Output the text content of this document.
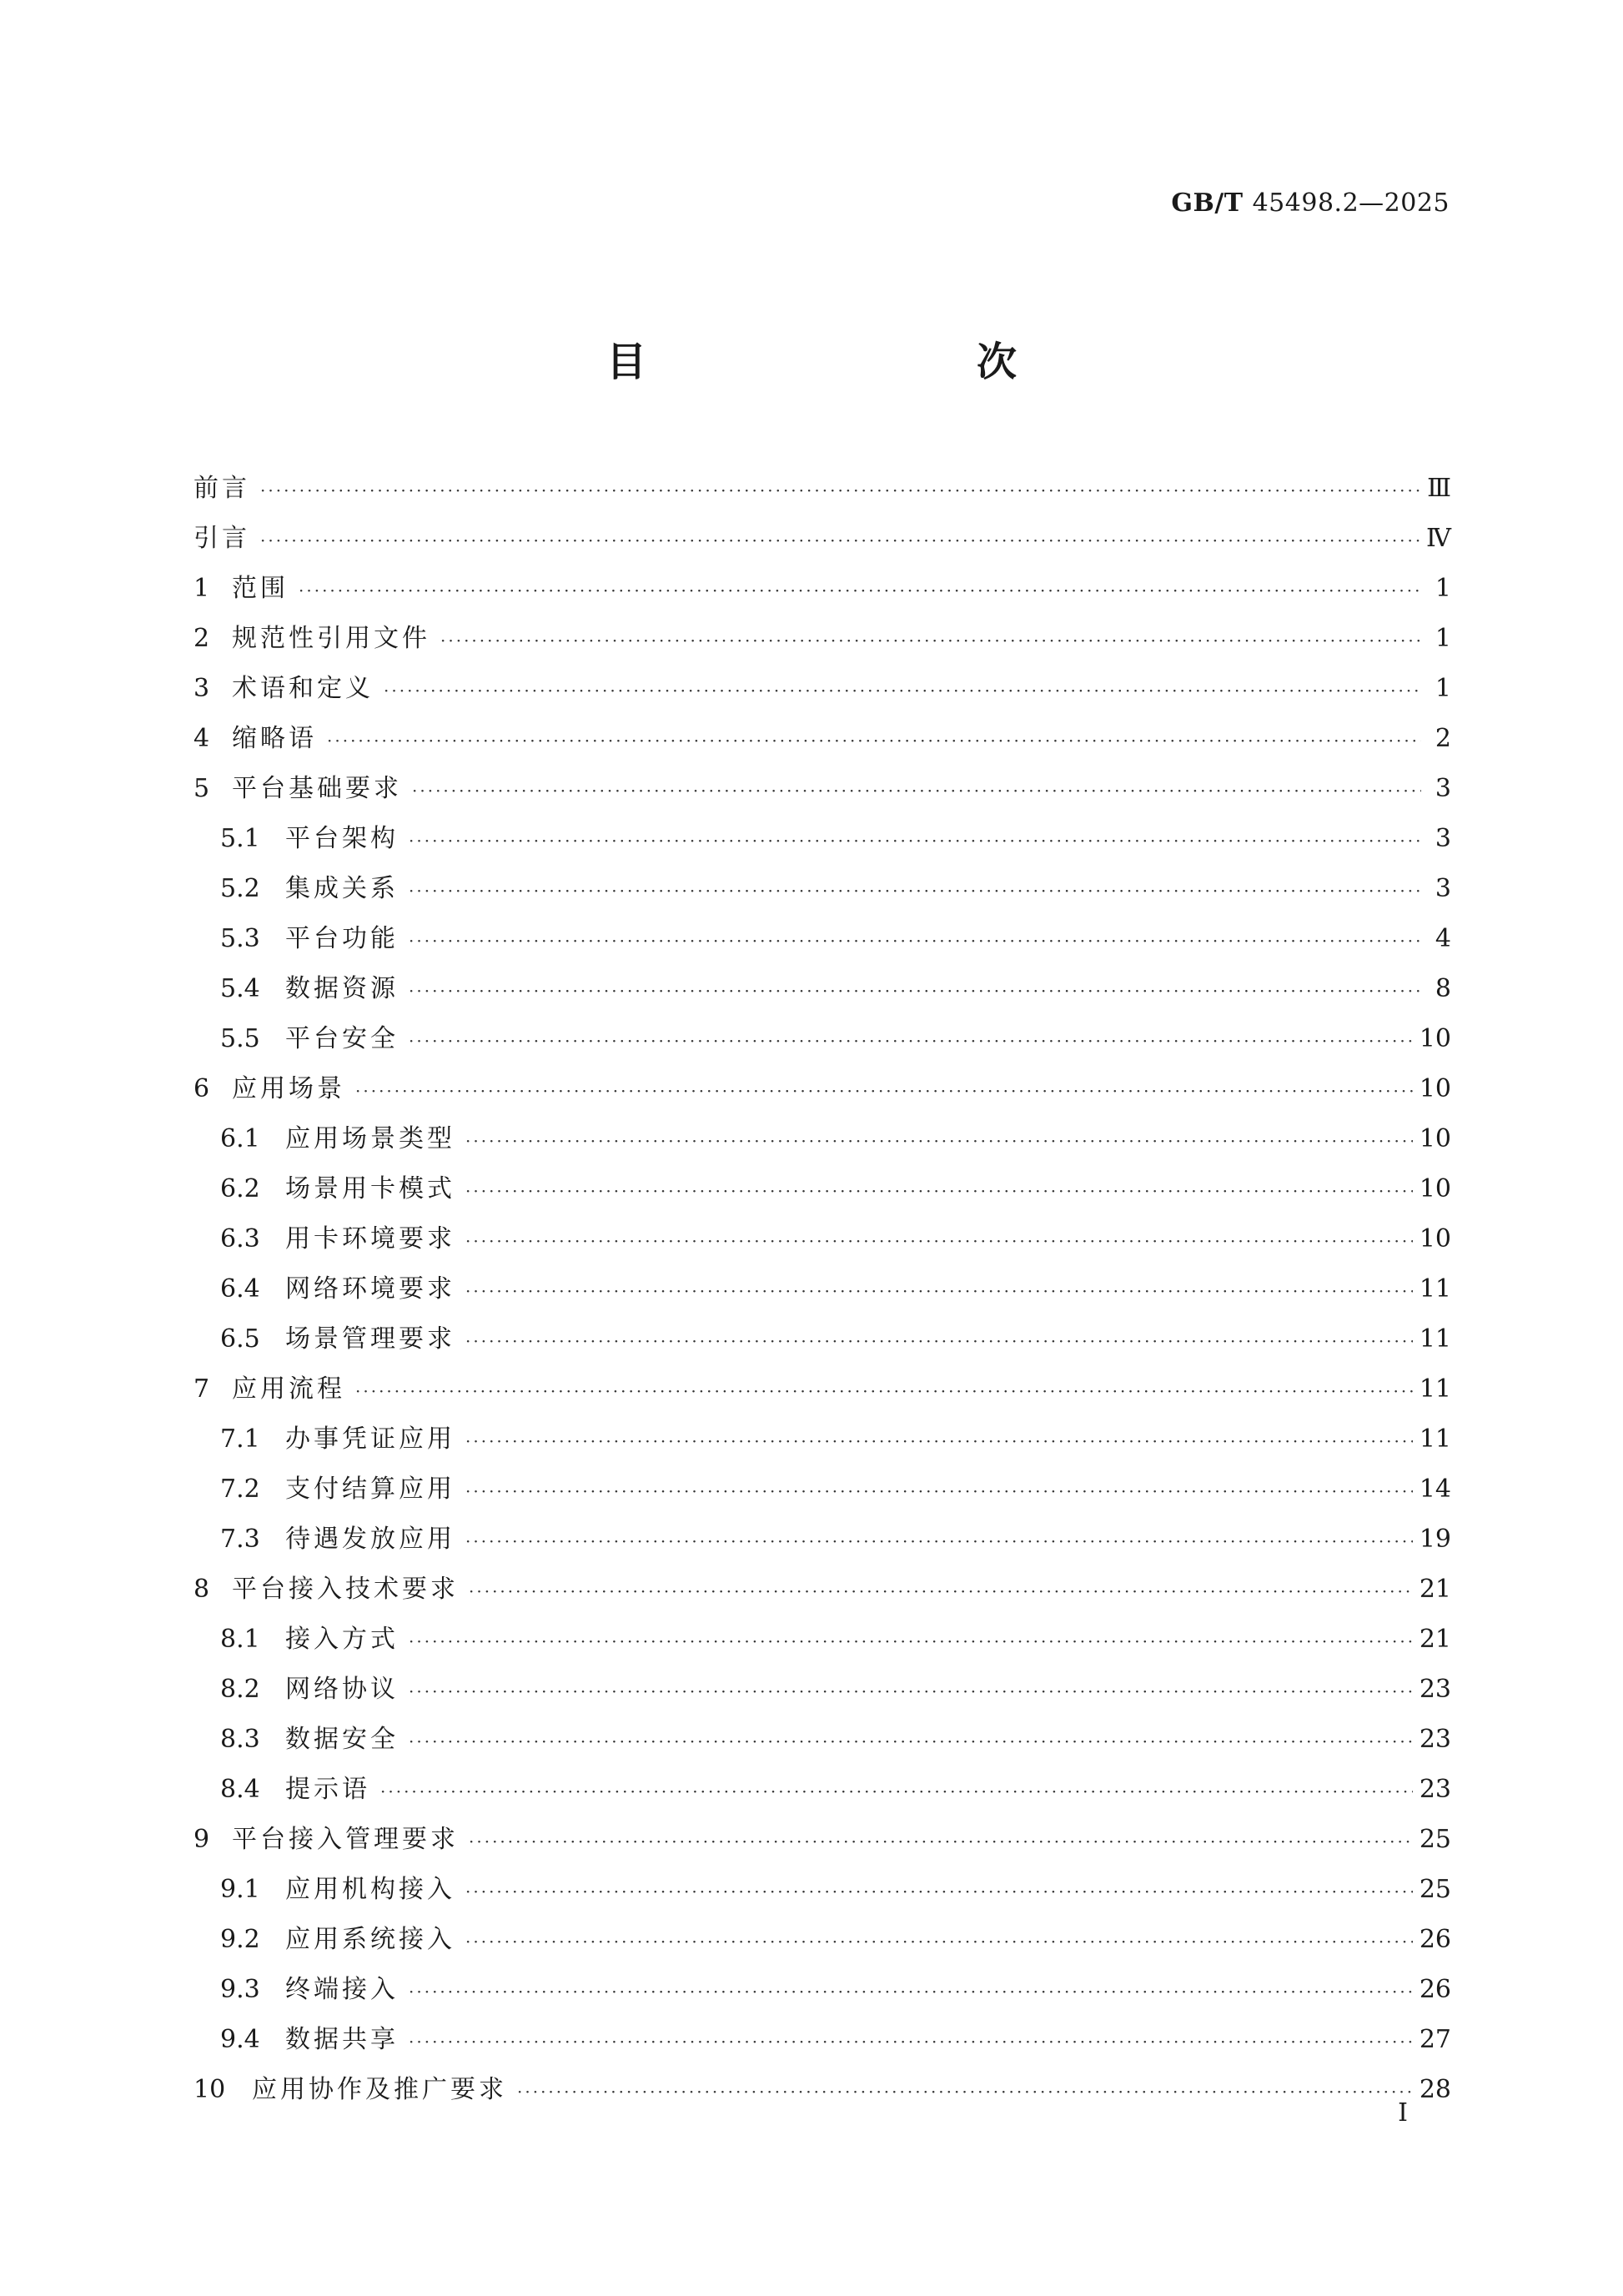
GB/T 45498.2—2025
目　　次
前言 ·····	Ⅲ
引言 ·····	Ⅳ
1 范围 ·····	1
2 规范性引用文件 ·····	1
3 术语和定义 ·····	1
4 缩略语 ·····	2
5 平台基础要求 ·····	3
5.1	平台架构 ·····	3
5.2	集成关系 ·····	3
5.3	平台功能 ·····	4
5.4	数据资源 ·····	8
5.5	平台安全 ·····	10
6 应用场景 ·····	10
6.1	应用场景类型 ·····	10
6.2	场景用卡模式 ·····	10
6.3	用卡环境要求 ·····	10
6.4	网络环境要求 ·····	11
6.5	场景管理要求 ·····	11
7 应用流程 ·····	11
7.1	办事凭证应用 ·····	11
7.2	支付结算应用 ·····	14
7.3	待遇发放应用 ·····	19
8 平台接入技术要求 ·····	21
8.1	接入方式 ·····	21
8.2	网络协议 ·····	23
8.3	数据安全 ·····	23
8.4	提示语 ·····	23
9 平台接入管理要求 ·····	25
9.1	应用机构接入 ·····	25
9.2	应用系统接入 ·····	26
9.3	终端接入 ·····	26
9.4	数据共享 ·····	27
10	应用协作及推广要求 ·····	28
I
